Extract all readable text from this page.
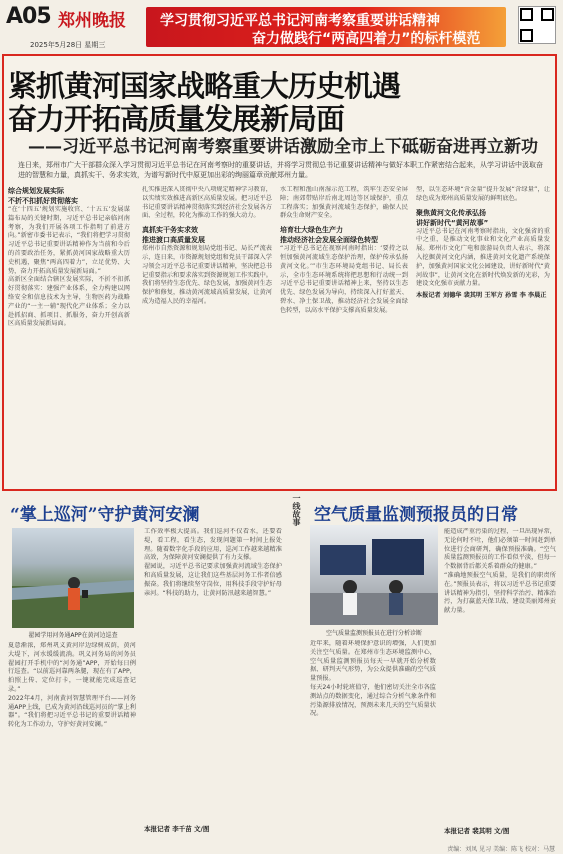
A05 郑州晚报
2025年5月28日 星期三
学习贯彻习近平总书记河南考察重要讲话精神
奋力做践行“两高四着力”的标杆模范
紧抓黄河国家战略重大历史机遇
奋力开拓高质量发展新局面
——习近平总书记河南考察重要讲话激励全市上下砥砺奋进再立新功
连日来，郑州市广大干部群众深入学习贯彻习近平总书记在河南考察时的重要讲话，并将学习贯彻总书记重要讲话精神与做好本职工作紧密结合起来，从学习讲话中汲取奋进的智慧和力量，真抓实干、务求实效，为谱写新时代中原更加出彩的绚丽篇章贡献郑州力量。
综合规划发展实际
不折不扣抓好贯彻落实
“在‘十四五’规划实施收官、‘十五五’发展谋篇布局的关键时期，习近平总书记亲临河南考察，为我们开展各项工作指明了前进方向。”新密市委书记表示，“我们将把学习贯彻习近平总书记重要讲话精神作为当前和今后的首要政治任务，紧抓黄河国家战略重大历史机遇，聚焦“两高四着力”，立足优势、大势，奋力开拓高质量发展新局面。”
高新区全面结合辖区发展实际，不折不扣抓好贯彻落实：建强产业体系，全力构建以网络安全和信息技术为主导，生物医药为战略产业的“一主一辅”现代化产业体系；全力以赴抓招商、抓项目、抓服务，奋力开创高新区高质量发展新局面。
扎实推进深入贯彻中央八项规定精神学习教育，以实绩实效推进高新区高质量发展。把习近平总书记重要讲话精神贯彻落实到经济社会发展各方面、全过程，转化为推动工作的强大动力。
真抓实干务实求效
推进渡口高质量发展
郑州市自然资源和规划局党组书记、局长严流表示，连日来，市资源规划党组和党员干部深入学习领会习近平总书记重要讲话精神，坚决把总书记重要指示和要求落实到资源规划工作实践中。我们将坚持生态优先、绿色发展，加强黄河生态保护和修复，推动黄河流域高质量发展，让黄河成为造福人民的幸福河。
水工程和渔山南湿示范工程，筑牢生态安全屏障；南郊带贴岸后南北周边等区域保护，重点工程落实；加强黄河流域生态保护，确保人民群众生命财产安全。
培育壮大绿色生产力
推动经济社会发展全面绿色转型
“习近平总书记在视察河南时指出：‘要持之以恒加强黄河流域生态保护治理，保护传承弘扬黄河文化。’”市生态环境局党组书记、局长表示，全市生态环境系统将把思想和行动统一到习近平总书记重要讲话精神上来，坚持以生态优先、绿色发展为导向，持续深入打好蓝天、碧水、净土保卫战，推动经济社会发展全面绿色转型，以高水平保护支撑高质量发展。
型，以生态环境“含金量”提升发展“含绿量”，让绿色成为郑州高质量发展的鲜明底色。
聚焦黄河文化传承弘扬
讲好新时代“黄河故事”
习近平总书记在河南考察时指出，文化强省的重中之重，是推动文化事业和文化产业高质量发展。郑州市文化广电和旅游局负责人表示，将深入挖掘黄河文化内涵，推进黄河文化遗产系统保护，加强黄河国家文化公园建设，讲好新时代“黄河故事”，让黄河文化在新时代焕发新的光彩，为建设文化强市贡献力量。
本报记者 刘德华 裴其明 王军方 孙雪 李 李晨正
“掌上巡河”守护黄河安澜
翟园学用河务通APP在黄河边巡查
夏意渐浓，郑州巩义黄河岸边绿树成荫，黄河大堤下，河水缓缓流淌。巩义河务局的河务员翟园打开手机中的“河务通”APP，开始每日例行巡查。“以前巡河靠两条腿，现在有了APP，拍照上传、定位打卡，一键就能完成巡查记录。”
2022年4月，河南黄河智慧管理平台——河务通APP上线，已成为黄河沿线巡河员的“掌上利器”。“我们将把习近平总书记的重要讲话精神转化为工作动力，守护好黄河安澜。”
工作效率极大提高。我们巡河不仅看水，还要看堤，看工程，看生态，发现问题第一时间上报处理。随着数字化手段的应用，巡河工作越来越精准高效，为保障黄河安澜提供了有力支撑。
翟园说，习近平总书记要求加强黄河流域生态保护和高质量发展，这让我们这些基层河务工作者倍感振奋。我们将继续坚守岗位，用科技手段守护好母亲河。“科技的助力，让黄河防汛越来越智慧。”
本报记者 李千苗 文/图
一线故事 空气质量监测预报员的日常
空气质量监测预报员在进行分析诊断
近年来，随着环境保护意识的增强，人们更加关注空气质量。在郑州市生态环境监测中心，空气质量监测预报员每天一早就开始分析数据、研判天气形势，为公众提供准确的空气质量预报。
每天24小时轮班值守，他们密切关注全市各监测站点的数据变化，通过综合分析气象条件和污染源排放情况，预测未来几天的空气质量状况。
能造成严重污染的过程，一旦出现异常，无论何时不吐，他们必须第一时间赶到单位进行会商研判，确保预报准确。“空气质量监测预报员的工作看似平淡，但每一个数据背后都关系着群众的健康。”
“准确地预报空气质量，是我们的职责所在。”预报员表示，将以习近平总书记重要讲话精神为指引，坚持科学治污、精准治污，为打赢蓝天保卫战、建设美丽郑州贡献力量。
本报记者 裴其明 文/图
责编：刘凤 见习 美编：陈飞 校对：马慧
